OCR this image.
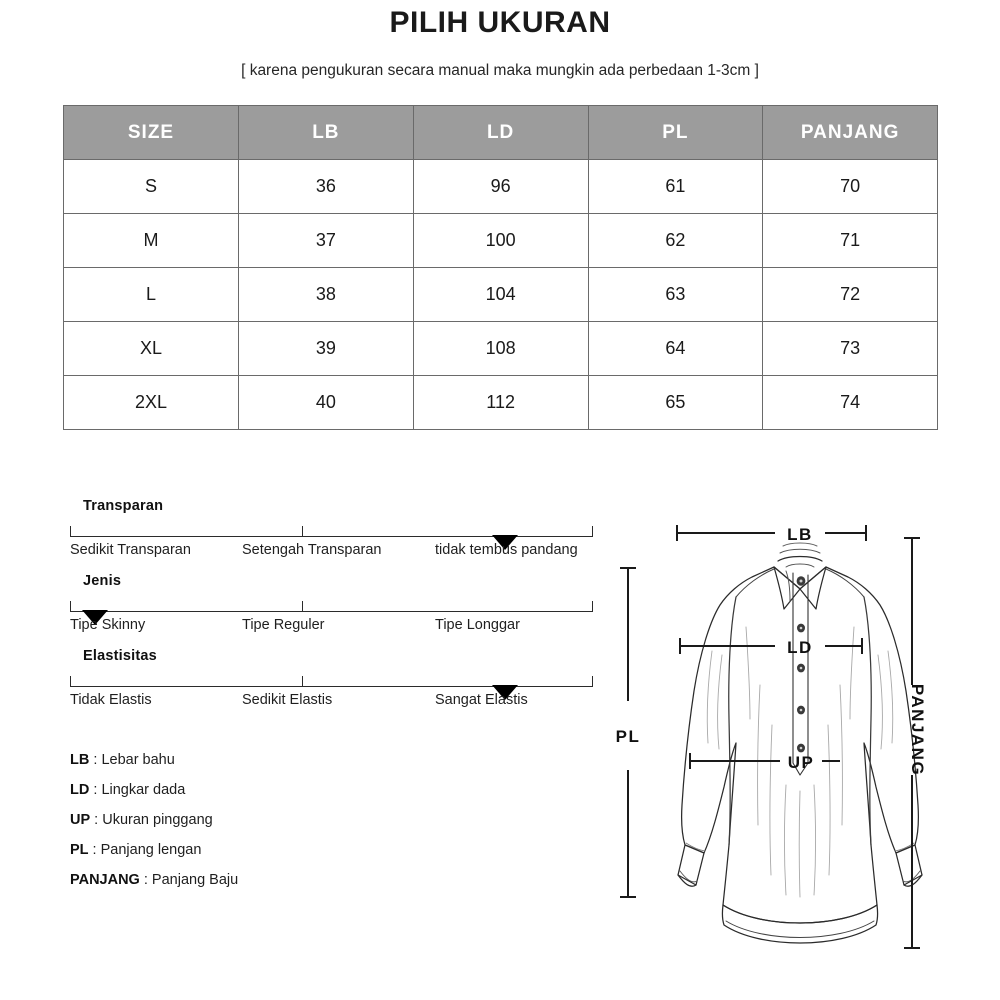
PILIH UKURAN
[ karena pengukuran secara manual maka mungkin ada perbedaan 1-3cm ]
SIZE	LB	LD	PL	PANJANG
S	36	96	61	70
M	37	100	62	71
L	38	104	63	72
XL	39	108	64	73
2XL	40	112	65	74
Transparan
Sedikit Transparan	Setengah Transparan	tidak tembus pandang
Jenis
Tipe Skinny	Tipe Reguler	Tipe Longgar
Elastisitas
Tidak Elastis	Sedikit Elastis	Sangat Elastis
LB : Lebar bahu
LD : Lingkar dada
UP : Ukuran pinggang
PL : Panjang lengan
PANJANG : Panjang Baju
LB
LD
UP
PL	PANJANG
